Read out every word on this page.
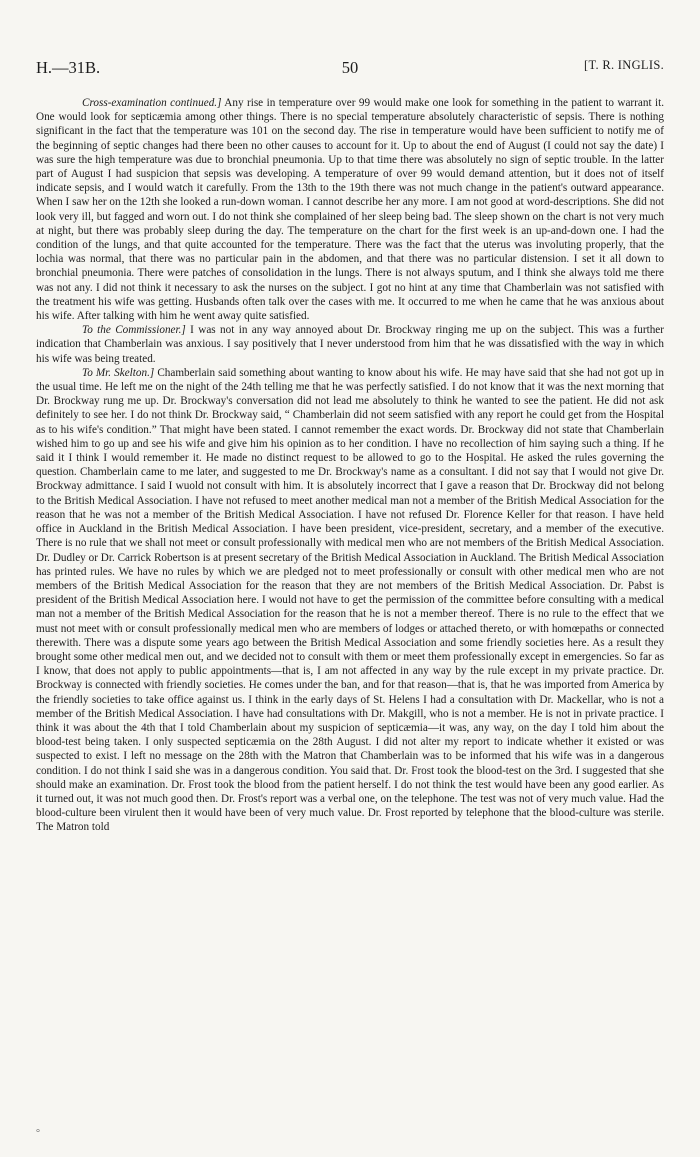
H.—31B.	50	[T. R. INGLIS.

Cross-examination continued.] Any rise in temperature over 99 would make one look for something in the patient to warrant it. One would look for septicæmia among other things. There is no special temperature absolutely characteristic of sepsis. There is nothing significant in the fact that the temperature was 101 on the second day. The rise in temperature would have been sufficient to notify me of the beginning of septic changes had there been no other causes to account for it. Up to about the end of August (I could not say the date) I was sure the high temperature was due to bronchial pneumonia. Up to that time there was absolutely no sign of septic trouble. In the latter part of August I had suspicion that sepsis was developing. A temperature of over 99 would demand attention, but it does not of itself indicate sepsis, and I would watch it carefully. From the 13th to the 19th there was not much change in the patient's outward appearance. When I saw her on the 12th she looked a run-down woman. I cannot describe her any more. I am not good at word-descriptions. She did not look very ill, but fagged and worn out. I do not think she complained of her sleep being bad. The sleep shown on the chart is not very much at night, but there was probably sleep during the day. The temperature on the chart for the first week is an up-and-down one. I had the condition of the lungs, and that quite accounted for the temperature. There was the fact that the uterus was involuting properly, that the lochia was normal, that there was no particular pain in the abdomen, and that there was no particular distension. I set it all down to bronchial pneumonia. There were patches of consolidation in the lungs. There is not always sputum, and I think she always told me there was not any. I did not think it necessary to ask the nurses on the subject. I got no hint at any time that Chamberlain was not satisfied with the treatment his wife was getting. Husbands often talk over the cases with me. It occurred to me when he came that he was anxious about his wife. After talking with him he went away quite satisfied.

To the Commissioner.] I was not in any way annoyed about Dr. Brockway ringing me up on the subject. This was a further indication that Chamberlain was anxious. I say positively that I never understood from him that he was dissatisfied with the way in which his wife was being treated.

To Mr. Skelton.] Chamberlain said something about wanting to know about his wife. He may have said that she had not got up in the usual time. He left me on the night of the 24th telling me that he was perfectly satisfied. I do not know that it was the next morning that Dr. Brockway rung me up. Dr. Brockway's conversation did not lead me absolutely to think he wanted to see the patient. He did not ask definitely to see her. I do not think Dr. Brockway said, “ Chamberlain did not seem satisfied with any report he could get from the Hospital as to his wife's condition.” That might have been stated. I cannot remember the exact words. Dr. Brockway did not state that Chamberlain wished him to go up and see his wife and give him his opinion as to her condition. I have no recollection of him saying such a thing. If he said it I think I would remember it. He made no distinct request to be allowed to go to the Hospital. He asked the rules governing the question. Chamberlain came to me later, and suggested to me Dr. Brockway's name as a consultant. I did not say that I would not give Dr. Brockway admittance. I said I wuold not consult with him. It is absolutely incorrect that I gave a reason that Dr. Brockway did not belong to the British Medical Association. I have not refused to meet another medical man not a member of the British Medical Association for the reason that he was not a member of the British Medical Association. I have not refused Dr. Florence Keller for that reason. I have held office in Auckland in the British Medical Association. I have been president, vice-president, secretary, and a member of the executive. There is no rule that we shall not meet or consult professionally with medical men who are not members of the British Medical Association. Dr. Dudley or Dr. Carrick Robertson is at present secretary of the British Medical Association in Auckland. The British Medical Association has printed rules. We have no rules by which we are pledged not to meet professionally or consult with other medical men who are not members of the British Medical Association for the reason that they are not members of the British Medical Association. Dr. Pabst is president of the British Medical Association here. I would not have to get the permission of the committee before consulting with a medical man not a member of the British Medical Association for the reason that he is not a member thereof. There is no rule to the effect that we must not meet with or consult professionally medical men who are members of lodges or attached thereto, or with homœpaths or connected therewith. There was a dispute some years ago between the British Medical Association and some friendly societies here. As a result they brought some other medical men out, and we decided not to consult with them or meet them professionally except in emergencies. So far as I know, that does not apply to public appointments—that is, I am not affected in any way by the rule except in my private practice. Dr. Brockway is connected with friendly societies. He comes under the ban, and for that reason—that is, that he was imported from America by the friendly societies to take office against us. I think in the early days of St. Helens I had a consultation with Dr. Mackellar, who is not a member of the British Medical Association. I have had consultations with Dr. Makgill, who is not a member. He is not in private practice. I think it was about the 4th that I told Chamberlain about my suspicion of septicæmia—it was, any way, on the day I told him about the blood-test being taken. I only suspected septicæmia on the 28th August. I did not alter my report to indicate whether it existed or was suspected to exist. I left no message on the 28th with the Matron that Chamberlain was to be informed that his wife was in a dangerous condition. I do not think I said she was in a dangerous condition. You said that. Dr. Frost took the blood-test on the 3rd. I suggested that she should make an examination. Dr. Frost took the blood from the patient herself. I do not think the test would have been any good earlier. As it turned out, it was not much good then. Dr. Frost's report was a verbal one, on the telephone. The test was not of very much value. Had the blood-culture been virulent then it would have been of very much value. Dr. Frost reported by telephone that the blood-culture was sterile. The Matron told

°
